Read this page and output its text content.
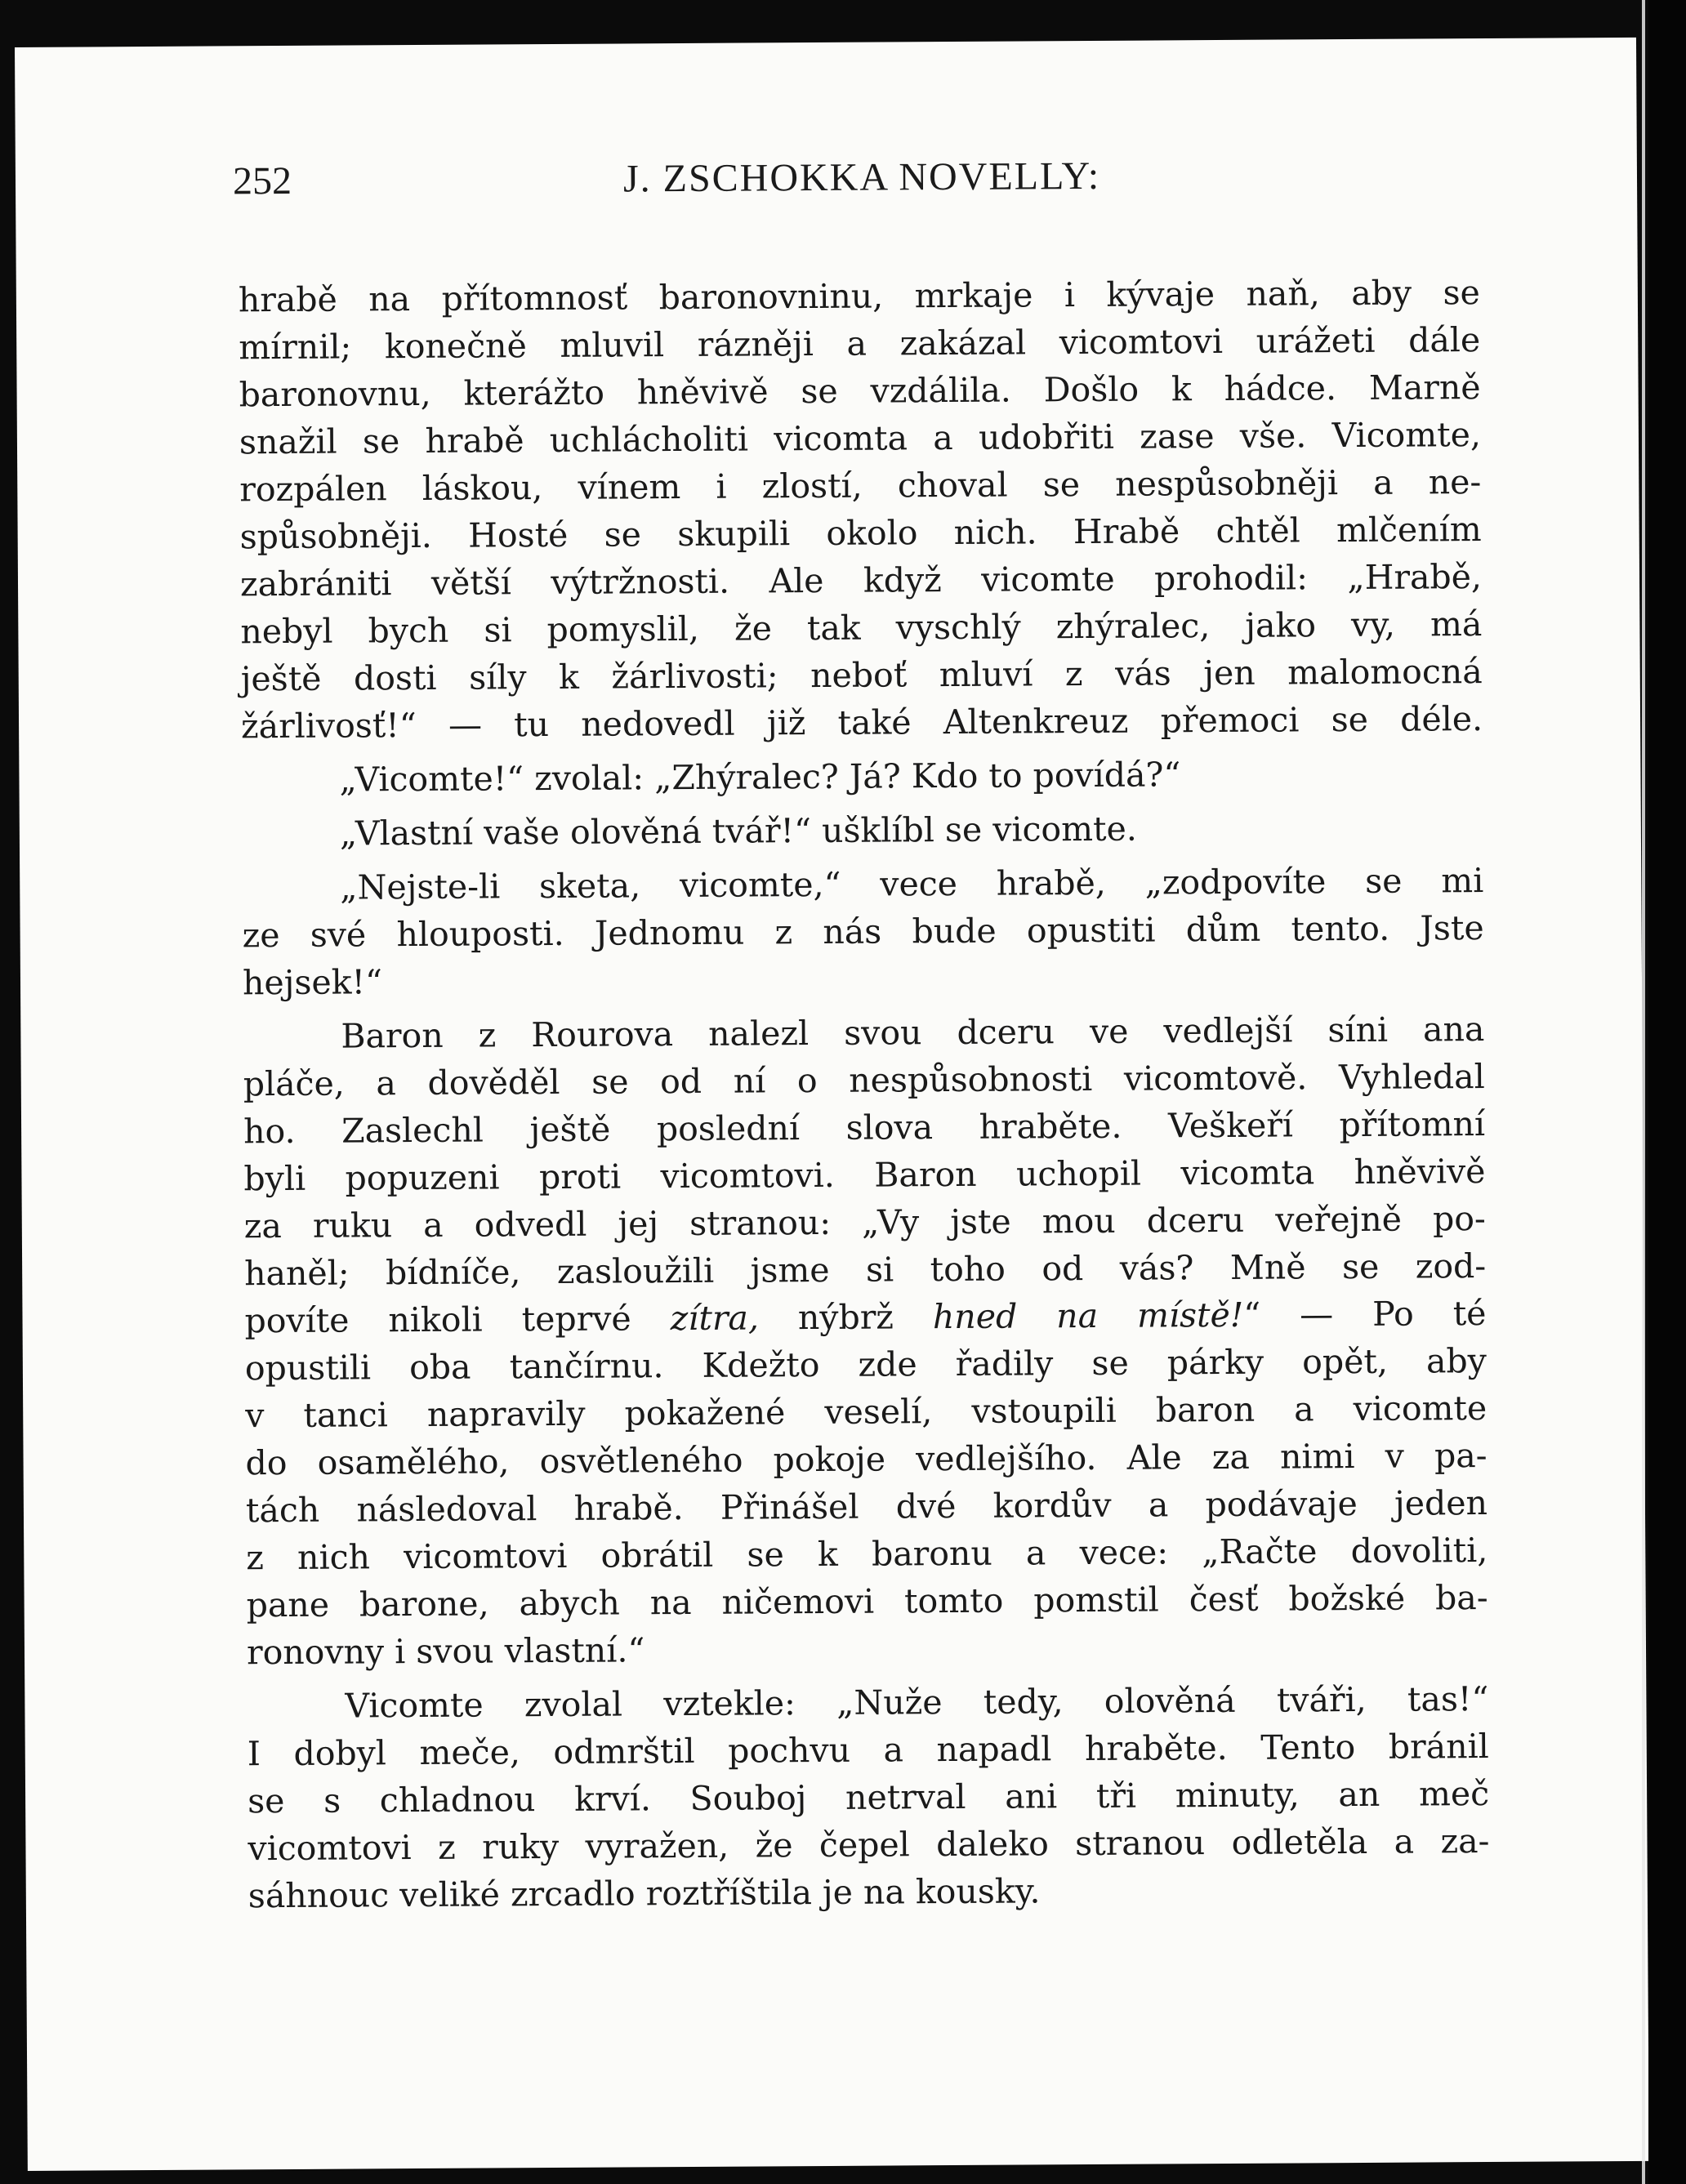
252	J. ZSCHOKKA NOVELLY:
hrabě na přítomnosť baronovninu, mrkaje i kývaje naň, aby se
mírnil; konečně mluvil rázněji a zakázal vicomtovi urážeti dále
baronovnu, kterážto hněvivě se vzdálila. Došlo k hádce. Marně
snažil se hrabě uchlácholiti vicomta a udobřiti zase vše. Vicomte,
rozpálen láskou, vínem i zlostí, choval se nespůsobněji a ne-
spůsobněji. Hosté se skupili okolo nich. Hrabě chtěl mlčením
zabrániti větší výtržnosti. Ale když vicomte prohodil: „Hrabě,
nebyl bych si pomyslil, že tak vyschlý zhýralec, jako vy, má
ještě dosti síly k žárlivosti; neboť mluví z vás jen malomocná
žárlivosť!“ — tu nedovedl již také Altenkreuz přemoci se déle.
„Vicomte!“ zvolal: „Zhýralec? Já? Kdo to povídá?“
„Vlastní vaše olověná tvář!“ ušklíbl se vicomte.
„Nejste-li sketa, vicomte,“ vece hrabě, „zodpovíte se mi
ze své hlouposti. Jednomu z nás bude opustiti dům tento. Jste
hejsek!“
Baron z Rourova nalezl svou dceru ve vedlejší síni ana
pláče, a dověděl se od ní o nespůsobnosti vicomtově. Vyhledal
ho. Zaslechl ještě poslední slova hraběte. Veškeří přítomní
byli popuzeni proti vicomtovi. Baron uchopil vicomta hněvivě
za ruku a odvedl jej stranou: „Vy jste mou dceru veřejně po-
haněl; bídníče, zasloužili jsme si toho od vás? Mně se zod-
povíte nikoli teprvé zítra, nýbrž hned na místě!“ — Po té
opustili oba tančírnu. Kdežto zde řadily se párky opět, aby
v tanci napravily pokažené veselí, vstoupili baron a vicomte
do osamělého, osvětleného pokoje vedlejšího. Ale za nimi v pa-
tách následoval hrabě. Přinášel dvé kordův a podávaje jeden
z nich vicomtovi obrátil se k baronu a vece: „Račte dovoliti,
pane barone, abych na ničemovi tomto pomstil česť božské ba-
ronovny i svou vlastní.“
Vicomte zvolal vztekle: „Nuže tedy, olověná tváři, tas!“
I dobyl meče, odmrštil pochvu a napadl hraběte. Tento bránil
se s chladnou krví. Souboj netrval ani tři minuty, an meč
vicomtovi z ruky vyražen, že čepel daleko stranou odletěla a za-
sáhnouc veliké zrcadlo roztříštila je na kousky.
